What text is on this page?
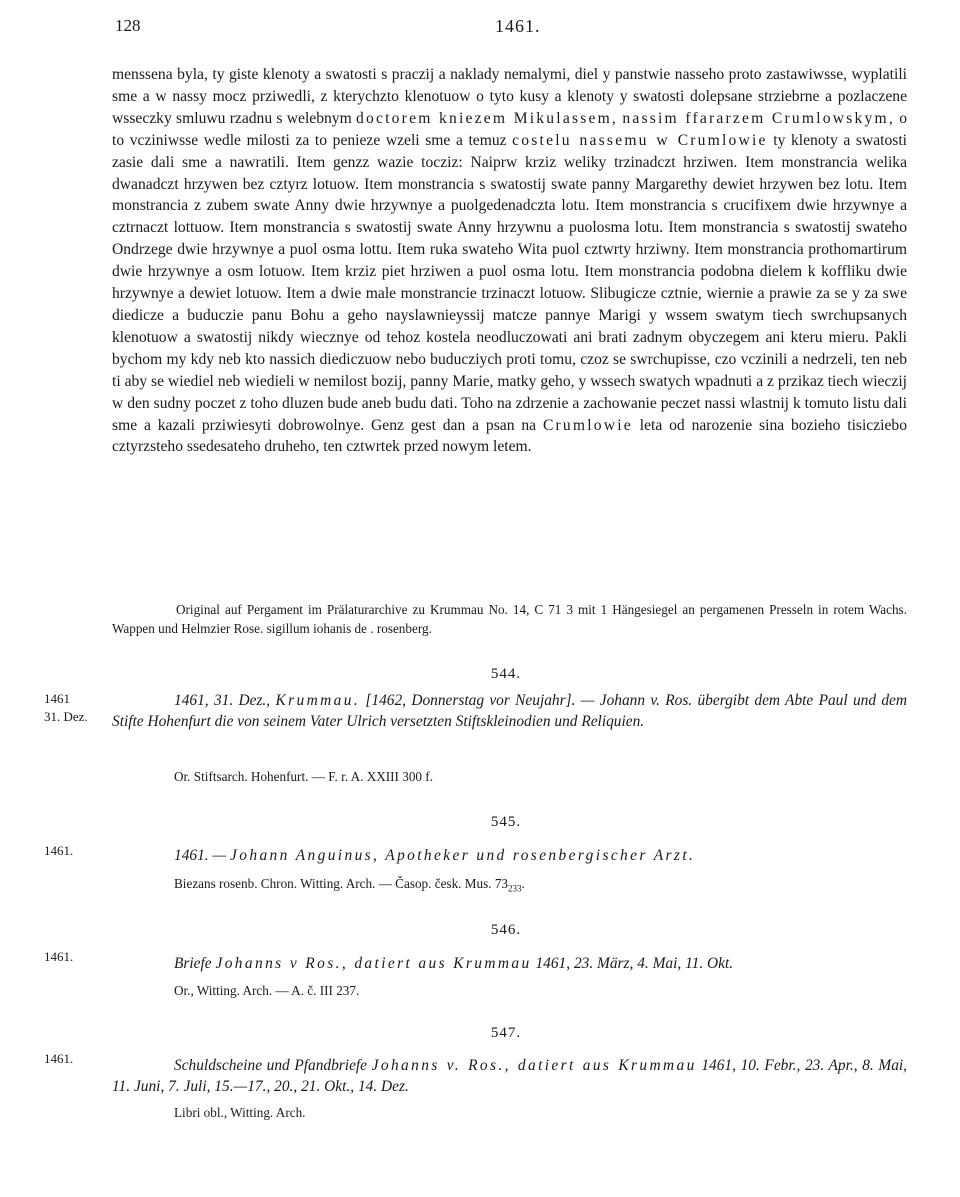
128	1461.

menssena byla, ty giste klenoty a swatosti s praczij a naklady nemalymi, diel y panstwie nasseho proto zastawiwsse, wyplatili sme a w nassy mocz prziwedli, z kterychzto klenotuow o tyto kusy a klenoty y swatosti dolepsane strziebrne a pozlaczene wsseczky smluwu rzadnu s welebnym doctorem kniezem Mikulassem, nassim ffararzem Crumlowskym, o to vcziniwsse wedle milosti za to penieze wzeli sme a temuz costelu nassemu w Crumlowie ty klenoty a swatosti zasie dali sme a nawratili. Item genzz wazie tocziz: Naiprw krziz weliky trzinadczt hrziwen. Item monstrancia welika dwanadczt hrzywen bez cztyrz lotuow. Item monstrancia s swatostij swate panny Margarethy dewiet hrzywen bez lotu. Item monstrancia z zubem swate Anny dwie hrzywnye a puolgedenadczta lotu. Item monstrancia s crucifixem dwie hrzywnye a cztrnaczt lottuow. Item monstrancia s swatostij swate Anny hrzywnu a puolosma lotu. Item monstrancia s swatostij swateho Ondrzege dwie hrzywnye a puol osma lottu. Item ruka swateho Wita puol cztwrty hrziwny. Item monstrancia prothomartirum dwie hrzywnye a osm lotuow. Item krziz piet hrziwen a puol osma lotu. Item monstrancia podobna dielem k koffliku dwie hrzywnye a dewiet lotuow. Item a dwie male monstrancie trzinaczt lotuow. Slibugicze cztnie, wiernie a prawie za se y za swe diedicze a buduczie panu Bohu a geho nayslawnieyssij matcze pannye Marigi y wssem swatym tiech swrchupsanych klenotuow a swatostij nikdy wiecznye od tehoz kostela neodluczowati ani brati zadnym obyczegem ani kteru mieru. Pakli bychom my kdy neb kto nassich diediczuow nebo buducziych proti tomu, czoz se swrchupisse, czo vczinili a nedrzeli, ten neb ti aby se wiediel neb wiedieli w nemilost bozij, panny Marie, matky geho, y wssech swatych wpadnuti a z przikaz tiech wieczij w den sudny poczet z toho dluzen bude aneb budu dati. Toho na zdrzenie a zachowanie peczet nassi wlastnij k tomuto listu dali sme a kazali prziwiesyti dobrowolnye. Genz gest dan a psan na Crumlowie leta od narozenie sina bozieho tisicziebo cztyrzsteho ssedesateho druheho, ten cztwrtek przed nowym letem.

Original auf Pergament im Prälaturarchive zu Krummau No. 14, C 71 3 mit 1 Hängesiegel an pergamenen Presseln in rotem Wachs. Wappen und Helmzier Rose. sigillum iohanis de . rosenberg.
544.
1461
31. Dez.
1461, 31. Dez., Krummau. [1462, Donnerstag vor Neujahr]. — Johann v. Ros. übergibt dem Abte Paul und dem Stifte Hohenfurt die von seinem Vater Ulrich versetzten Stiftskleinodien und Reliquien.
Or. Stiftsarch. Hohenfurt. — F. r. A. XXIII 300 f.
545.
1461.	1461. — Johann Anguinus, Apotheker und rosenbergischer Arzt.
Biezans rosenb. Chron. Witting. Arch. — Časop. česk. Mus. $73_{233}$.
546.
1461.	Briefe Johanns v Ros., datiert aus Krummau 1461, 23. März, 4. Mai, 11. Okt.
Or., Witting. Arch. — A. č. III 237.
547.
1461.	Schuldscheine und Pfandbriefe Johanns v. Ros., datiert aus Krummau 1461, 10. Febr., 23. Apr., 8. Mai, 11. Juni, 7. Juli, 15.—17., 20., 21. Okt., 14. Dez.
Libri obl., Witting. Arch.
